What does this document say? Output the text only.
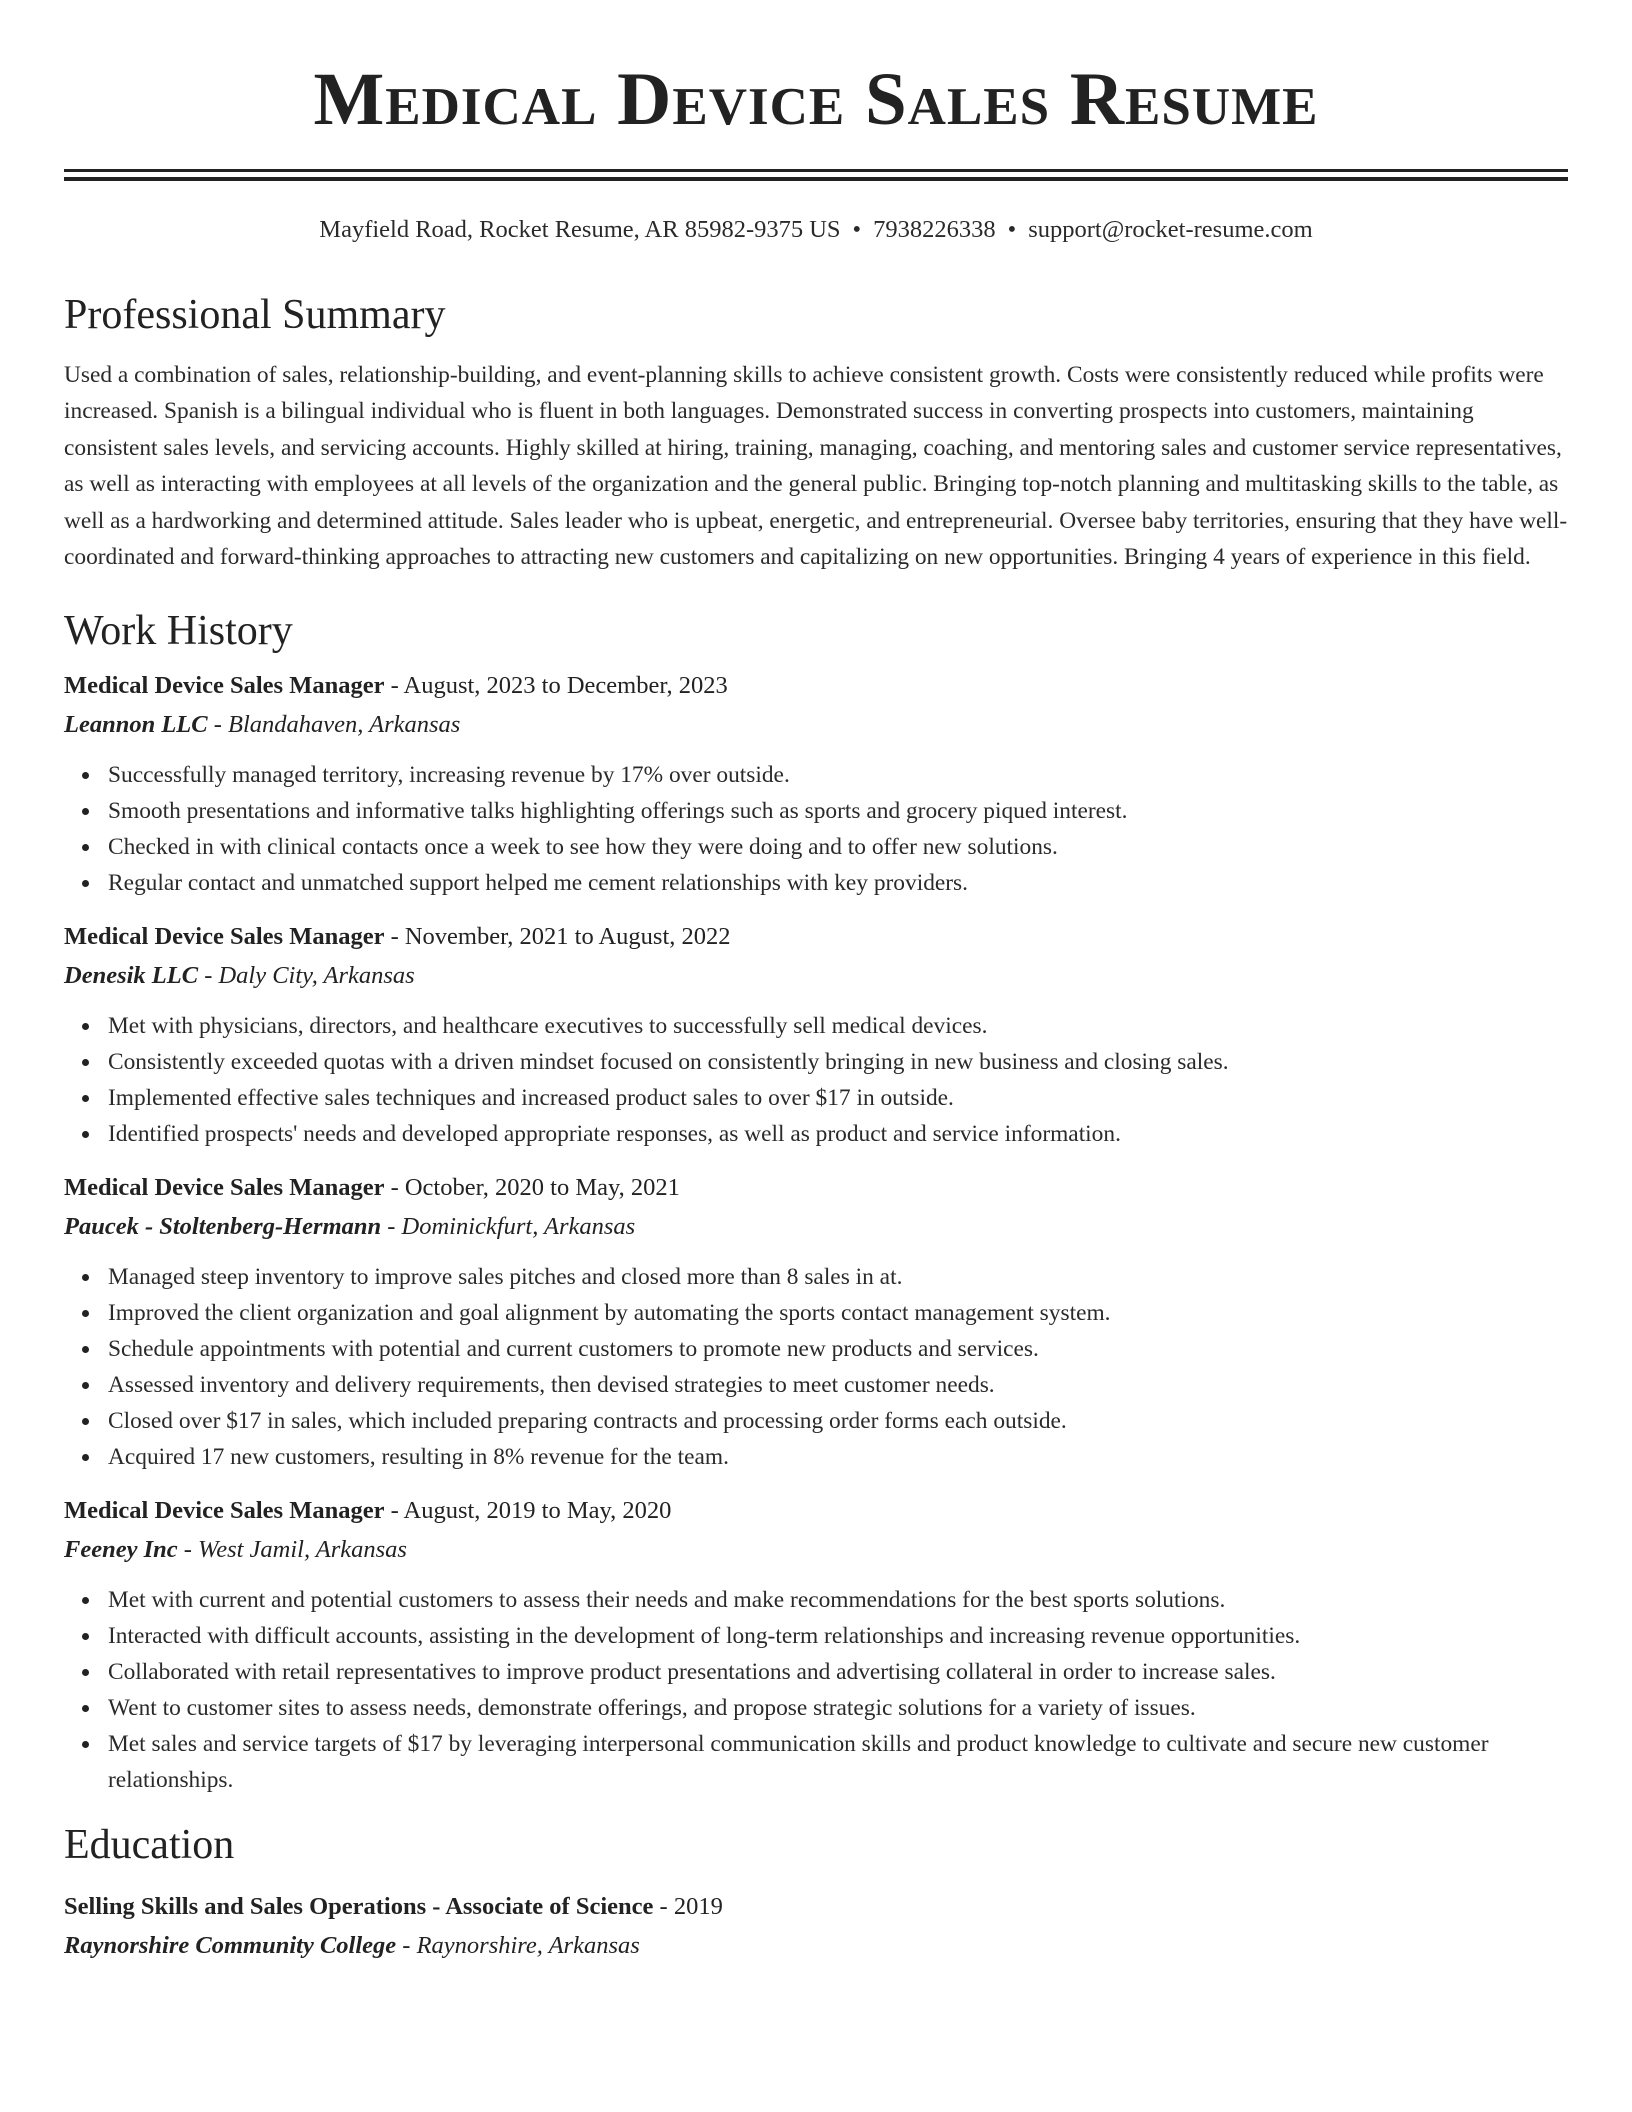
Medical Device Sales Resume
Mayfield Road, Rocket Resume, AR 85982-9375 US • 7938226338 • support@rocket-resume.com
Professional Summary

Used a combination of sales, relationship-building, and event-planning skills to achieve consistent growth. Costs were consistently reduced while profits were increased. Spanish is a bilingual individual who is fluent in both languages. Demonstrated success in converting prospects into customers, maintaining consistent sales levels, and servicing accounts. Highly skilled at hiring, training, managing, coaching, and mentoring sales and customer service representatives, as well as interacting with employees at all levels of the organization and the general public. Bringing top-notch planning and multitasking skills to the table, as well as a hardworking and determined attitude. Sales leader who is upbeat, energetic, and entrepreneurial. Oversee baby territories, ensuring that they have well-coordinated and forward-thinking approaches to attracting new customers and capitalizing on new opportunities. Bringing 4 years of experience in this field.

Work History
Medical Device Sales Manager - August, 2023 to December, 2023
Leannon LLC - Blandahaven, Arkansas
Successfully managed territory, increasing revenue by 17% over outside.
Smooth presentations and informative talks highlighting offerings such as sports and grocery piqued interest.
Checked in with clinical contacts once a week to see how they were doing and to offer new solutions.
Regular contact and unmatched support helped me cement relationships with key providers.
Medical Device Sales Manager - November, 2021 to August, 2022
Denesik LLC - Daly City, Arkansas
Met with physicians, directors, and healthcare executives to successfully sell medical devices.
Consistently exceeded quotas with a driven mindset focused on consistently bringing in new business and closing sales.
Implemented effective sales techniques and increased product sales to over $17 in outside.
Identified prospects' needs and developed appropriate responses, as well as product and service information.
Medical Device Sales Manager - October, 2020 to May, 2021
Paucek - Stoltenberg-Hermann - Dominickfurt, Arkansas
Managed steep inventory to improve sales pitches and closed more than 8 sales in at.
Improved the client organization and goal alignment by automating the sports contact management system.
Schedule appointments with potential and current customers to promote new products and services.
Assessed inventory and delivery requirements, then devised strategies to meet customer needs.
Closed over $17 in sales, which included preparing contracts and processing order forms each outside.
Acquired 17 new customers, resulting in 8% revenue for the team.
Medical Device Sales Manager - August, 2019 to May, 2020
Feeney Inc - West Jamil, Arkansas
Met with current and potential customers to assess their needs and make recommendations for the best sports solutions.
Interacted with difficult accounts, assisting in the development of long-term relationships and increasing revenue opportunities.
Collaborated with retail representatives to improve product presentations and advertising collateral in order to increase sales.
Went to customer sites to assess needs, demonstrate offerings, and propose strategic solutions for a variety of issues.
Met sales and service targets of $17 by leveraging interpersonal communication skills and product knowledge to cultivate and secure new customer relationships.
Education
Selling Skills and Sales Operations - Associate of Science - 2019
Raynorshire Community College - Raynorshire, Arkansas
